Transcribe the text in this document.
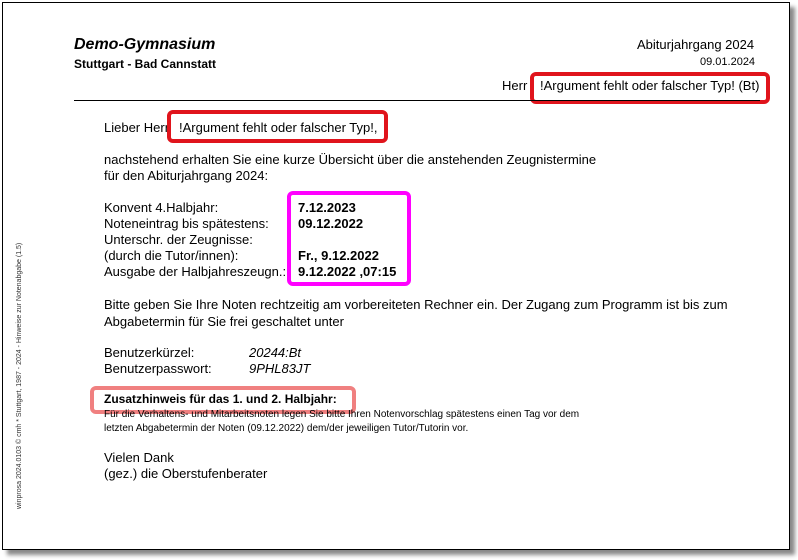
winprosa 2024.0103 © cmh * Stuttgart, 1987 - 2024 - Hinweise zur Notenabgabe (1.5)
Demo-Gymnasium
Stuttgart - Bad Cannstatt
Abiturjahrgang 2024
09.01.2024
Herr !Argument fehlt oder falscher Typ! (Bt)
Lieber Herr !Argument fehlt oder falscher Typ!,
nachstehend erhalten Sie eine kurze Übersicht über die anstehenden Zeugnistermine
für den Abiturjahrgang 2024:
Konvent 4.Halbjahr:
Noteneintrag bis spätestens:
Unterschr. der Zeugnisse:
(durch die Tutor/innen):
Ausgabe der Halbjahreszeugn.:
7.12.2023
09.12.2022
Fr., 9.12.2022
9.12.2022 ,07:15
Bitte geben Sie Ihre Noten rechtzeitig am vorbereiteten Rechner ein. Der Zugang zum Programm ist bis zum
Abgabetermin für Sie frei geschaltet unter
Benutzerkürzel:	20244:Bt
Benutzerpasswort:	9PHL83JT
Zusatzhinweis für das 1. und 2. Halbjahr:
Für die Verhaltens- und Mitarbeitsnoten legen Sie bitte Ihren Notenvorschlag spätestens einen Tag vor dem
letzten Abgabetermin der Noten (09.12.2022) dem/der jeweiligen Tutor/Tutorin vor.
Vielen Dank
(gez.) die Oberstufenberater
